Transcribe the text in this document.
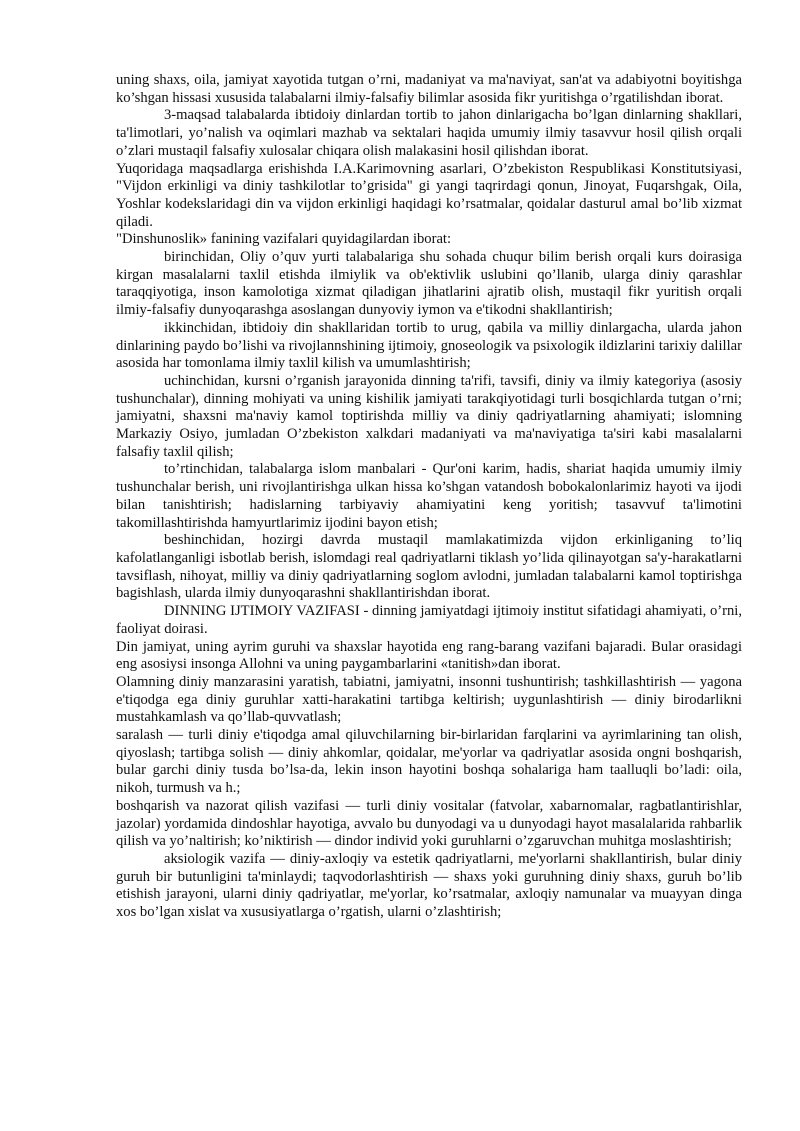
uning shaxs, oila, jamiyat xayotida tutgan o’rni, madaniyat va ma'naviyat, san'at va adabiyotni boyitishga ko’shgan hissasi xususida talabalarni ilmiy-falsafiy bilimlar asosida fikr yuritishga o’rgatilishdan iborat.

3-maqsad talabalarda ibtidoiy dinlardan tortib to jahon dinlarigacha bo’lgan dinlarning shakllari, ta'limotlari, yo’nalish va oqimlari mazhab va sektalari haqida umumiy ilmiy tasavvur hosil qilish orqali o’zlari mustaqil falsafiy xulosalar chiqara olish malakasini hosil qilishdan iborat.

Yuqoridaga maqsadlarga erishishda I.A.Karimovning asarlari, O’zbekiston Respublikasi Konstitutsiyasi, "Vijdon erkinligi va diniy tashkilotlar to’grisida" gi yangi taqrirdagi qonun, Jinoyat, Fuqarshgak, Oila, Yoshlar kodekslaridagi din va vijdon erkinligi haqidagi ko’rsatmalar, qoidalar dasturul amal bo’lib xizmat qiladi.

"Dinshunoslik» fanining vazifalari quyidagilardan iborat:

birinchidan, Oliy o’quv yurti talabalariga shu sohada chuqur bilim berish orqali kurs doirasiga kirgan masalalarni taxlil etishda ilmiylik va ob'ektivlik uslubini qo’llanib, ularga diniy qarashlar taraqqiyotiga, inson kamolotiga xizmat qiladigan jihatlarini ajratib olish, mustaqil fikr yuritish orqali ilmiy-falsafiy dunyoqarashga asoslangan dunyoviy iymon va e'tikodni shakllantirish;

ikkinchidan, ibtidoiy din shakllaridan tortib to urug, qabila va milliy dinlargacha, ularda jahon dinlarining paydo bo’lishi va rivojlannshining ijtimoiy, gnoseologik va psixologik ildizlarini tarixiy dalillar asosida har tomonlama ilmiy taxlil kilish va umumlashtirish;

uchinchidan, kursni o’rganish jarayonida dinning ta'rifi, tavsifi, diniy va ilmiy kategoriya (asosiy tushunchalar), dinning mohiyati va uning kishilik jamiyati tarakqiyotidagi turli bosqichlarda tutgan o’rni; jamiyatni, shaxsni ma'naviy kamol toptirishda milliy va diniy qadriyatlarning ahamiyati; islomning Markaziy Osiyo, jumladan O’zbekiston xalkdari madaniyati va ma'naviyatiga ta'siri kabi masalalarni falsafiy taxlil qilish;

to’rtinchidan, talabalarga islom manbalari - Qur'oni karim, hadis, shariat haqida umumiy ilmiy tushunchalar berish, uni rivojlantirishga ulkan hissa ko’shgan vatandosh bobokalonlarimiz hayoti va ijodi bilan tanishtirish; hadislarning tarbiyaviy ahamiyatini keng yoritish; tasavvuf ta'limotini takomillashtirishda hamyurtlarimiz ijodini bayon etish;

beshinchidan, hozirgi davrda mustaqil mamlakatimizda vijdon erkinliganing to’liq kafolatlanganligi isbotlab berish, islomdagi real qadriyatlarni tiklash yo’lida qilinayotgan sa'y-harakatlarni tavsiflash, nihoyat, milliy va diniy qadriyatlarning soglom avlodni, jumladan talabalarni kamol toptirishga bagishlash, ularda ilmiy dunyoqarashni shakllantirishdan iborat.

DINNING IJTIMOIY VAZIFASI - dinning jamiyatdagi ijtimoiy institut sifatidagi ahamiyati, o’rni, faoliyat doirasi.

Din jamiyat, uning ayrim guruhi va shaxslar hayotida eng rang-barang vazifani bajaradi. Bular orasidagi eng asosiysi insonga Allohni va uning paygambarlarini «tanitish»dan iborat.

Olamning diniy manzarasini yaratish, tabiatni, jamiyatni, insonni tushuntirish; tashkillashtirish — yagona e'tiqodga ega diniy guruhlar xatti-harakatini tartibga keltirish; uygunlashtirish — diniy birodarlikni mustahkamlash va qo’llab-quvvatlash;

saralash — turli diniy e'tiqodga amal qiluvchilarning bir-birlaridan farqlarini va ayrimlarining tan olish, qiyoslash; tartibga solish — diniy ahkomlar, qoidalar, me'yorlar va qadriyatlar asosida ongni boshqarish, bular garchi diniy tusda bo’lsa-da, lekin inson hayotini boshqa sohalariga ham taalluqli bo’ladi: oila, nikoh, turmush va h.;

boshqarish va nazorat qilish vazifasi — turli diniy vositalar (fatvolar, xabarnomalar, ragbatlantirishlar, jazolar) yordamida dindoshlar hayotiga, avvalo bu dunyodagi va u dunyodagi hayot masalalarida rahbarlik qilish va yo’naltirish; ko’niktirish — dindor individ yoki guruhlarni o’zgaruvchan muhitga moslashtirish;

aksiologik vazifa — diniy-axloqiy va estetik qadriyatlarni, me'yorlarni shakllantirish, bular diniy guruh bir butunligini ta'minlaydi; taqvodorlashtirish — shaxs yoki guruhning diniy shaxs, guruh bo’lib etishish jarayoni, ularni diniy qadriyatlar, me'yorlar, ko’rsatmalar, axloqiy namunalar va muayyan dinga xos bo’lgan xislat va xususiyatlarga o’rgatish, ularni o’zlashtirish;
